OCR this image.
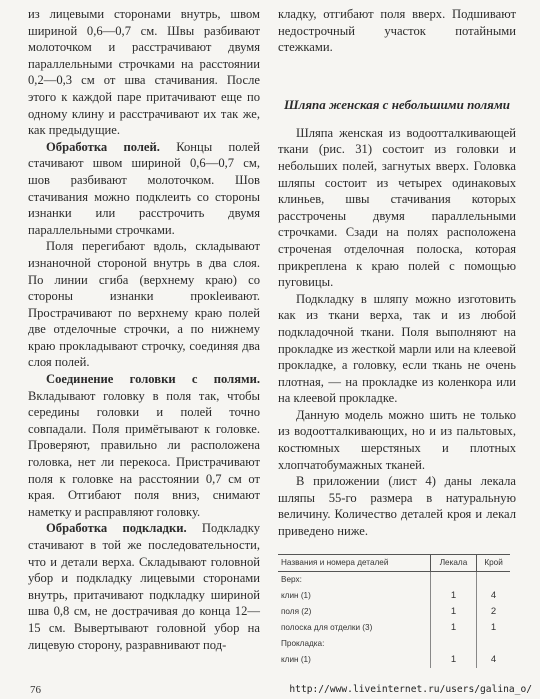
из лицевыми сторонами внутрь, швом шириной 0,6—0,7 см. Швы разбивают молоточком и расстрачивают двумя параллельными строчками на расстоянии 0,2—0,3 см от шва стачивания. После этого к каждой паре притачивают еще по одному клину и расстрачивают их так же, как предыдущие.

Обработка полей. Концы полей стачивают швом шириной 0,6—0,7 см, шов разбивают молоточком. Шов стачивания можно подклеить со стороны изнанки или расстрочить двумя параллельными строчками.

Поля перегибают вдоль, складывают изнаночной стороной внутрь в два слоя. По линии сгиба (верхнему краю) со стороны изнанки прокleивают. Прострачивают по верхнему краю полей две отделочные строчки, а по нижнему краю прокладывают строчку, соединяя два слоя полей.

Соединение головки с полями. Вкладывают головку в поля так, чтобы середины головки и полей точно совпадали. Поля примётывают к головке. Проверяют, правильно ли расположена головка, нет ли перекоса. Пристрачивают поля к головке на расстоянии 0,7 см от края. Отгибают поля вниз, снимают наметку и расправляют головку.

Обработка подкладки. Подкладку стачивают в той же последовательности, что и детали верха. Складывают головной убор и подкладку лицевыми сторонами внутрь, притачивают подкладку шириной шва 0,8 см, не дострачивая до конца 12—15 см. Вывертывают головной убор на лицевую сторону, разравнивают под-

кладку, отгибают поля вверх. Подшивают недострочный участок потайными стежками.

Шляпа женская с небольшими полями

Шляпа женская из водоотталкивающей ткани (рис. 31) состоит из головки и небольших полей, загнутых вверх. Головка шляпы состоит из четырех одинаковых клиньев, швы стачивания которых расстрочены двумя параллельными строчками. Сзади на полях расположена строченая отделочная полоска, которая прикреплена к краю полей с помощью пуговицы.

Подкладку в шляпу можно изготовить как из ткани верха, так и из любой подкладочной ткани. Поля выполняют на прокладке из жесткой марли или на клеевой прокладке, а головку, если ткань не очень плотная, — на прокладке из коленкора или на клеевой прокладке.

Данную модель можно шить не только из водоотталкивающих, но и из пальтовых, костюмных шерстяных и плотных хлопчатобумажных тканей.

В приложении (лист 4) даны лекала шляпы 55-го размера в натуральную величину. Количество деталей кроя и лекал приведено ниже.

Названия и номера деталей	Лекала	Крой
Верх:		
клин (1)	1	4
поля (2)	1	2
полоска для отделки (3)	1	1
Прокладка:		
клин (1)	1	4
76	http://www.liveinternet.ru/users/galina_o/
